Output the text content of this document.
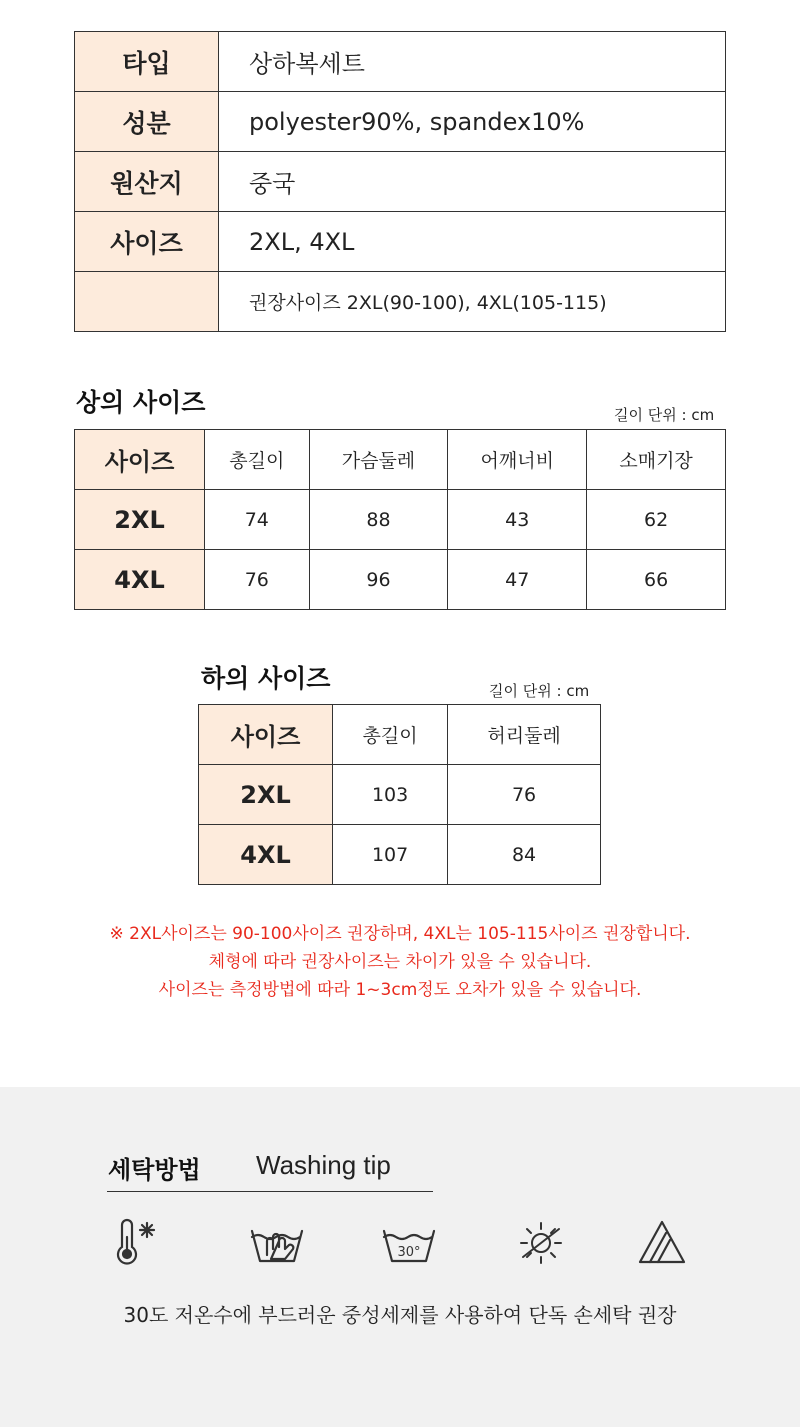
타입	상하복세트
성분	polyester90%, spandex10%
원산지	중국
사이즈	2XL, 4XL
	권장사이즈 2XL(90-100), 4XL(105-115)
상의 사이즈	길이 단위 : cm
사이즈	총길이	가슴둘레	어깨너비	소매기장
2XL	74	88	43	62
4XL	76	96	47	66
하의 사이즈	길이 단위 : cm
사이즈	총길이	허리둘레
2XL	103	76
4XL	107	84
※ 2XL사이즈는 90-100사이즈 권장하며, 4XL는 105-115사이즈 권장합니다.
체형에 따라 권장사이즈는 차이가 있을 수 있습니다.
사이즈는 측정방법에 따라 1~3cm정도 오차가 있을 수 있습니다.
세탁방법 Washing tip
30°
30도 저온수에 부드러운 중성세제를 사용하여 단독 손세탁 권장
